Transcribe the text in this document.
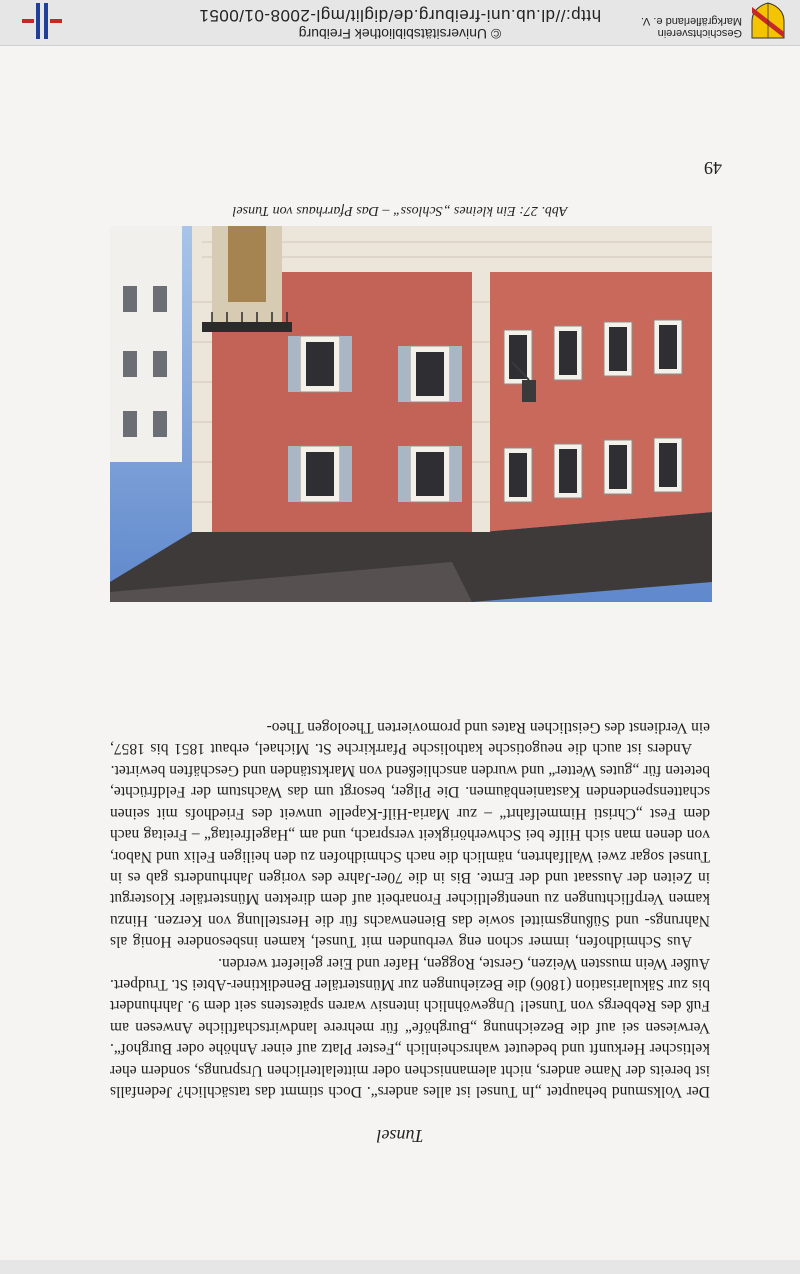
Tunsel

Der Volksmund behauptet „In Tunsel ist alles anders“. Doch stimmt das tatsächlich? Jedenfalls ist bereits der Name anders, nicht alemannischen oder mittelalterlichen Ursprungs, sondern eher keltischer Herkunft und bedeutet wahrscheinlich „Fester Platz auf einer Anhöhe oder Burghof“. Verwiesen sei auf die Bezeichnung „Burghöfe“ für mehrere landwirtschaftliche Anwesen am Fuß des Rebbergs von Tunsel! Ungewöhnlich intensiv waren spätestens seit dem 9. Jahrhundert bis zur Säkularisation (1806) die Beziehungen zur Münstertäler Benediktiner-Abtei St. Trudpert. Außer Wein mussten Weizen, Gerste, Roggen, Hafer und Eier geliefert werden.

Aus Schmidhofen, immer schon eng verbunden mit Tunsel, kamen insbesondere Honig als Nahrungs- und Süßungsmittel sowie das Bienenwachs für die Herstellung von Kerzen. Hinzu kamen Verpflichtungen zu unentgeltlicher Fronarbeit auf dem direkten Münstertäler Klostergut in Zeiten der Aussaat und der Ernte. Bis in die 70er-Jahre des vorigen Jahrhunderts gab es in Tunsel sogar zwei Wallfahrten, nämlich die nach Schmidhofen zu den heiligen Felix und Nabor, von denen man sich Hilfe bei Schwerhörigkeit versprach, und am „Hagelfreitag“ – Freitag nach dem Fest „Christi Himmelfahrt“ – zur Maria-Hilf-Kapelle unweit des Friedhofs mit seinen schattenspendenden Kastanienbäumen. Die Pilger, besorgt um das Wachstum der Feldfrüchte, beteten für „gutes Wetter“ und wurden anschließend von Marktständen und Geschäften bewirtet.

Anders ist auch die neugotische katholische Pfarrkirche St. Michael, erbaut 1851 bis 1857, ein Verdienst des Geistlichen Rates und promovierten Theologen Theo-

Abb. 27: Ein kleines „Schloss“ – Das Pfarrhaus von Tunsel
49
Geschichtsverein
Markgräflerland e. V.
© Universitätsbibliothek Freiburg
http://dl.ub.uni-freiburg.de/diglit/mgl-2008-01/0051
